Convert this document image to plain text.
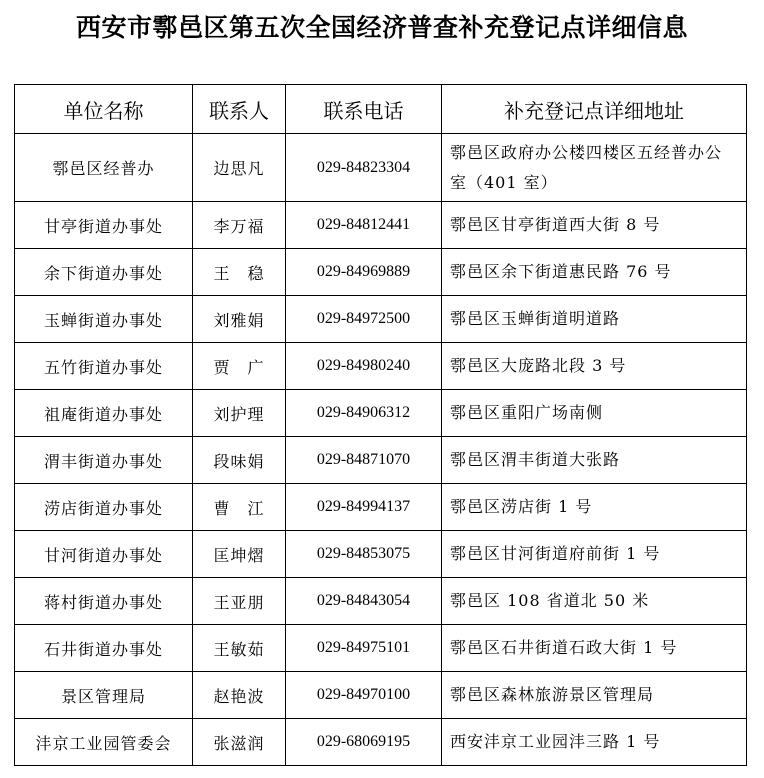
西安市鄠邑区第五次全国经济普查补充登记点详细信息
单位名称	联系人	联系电话	补充登记点详细地址
鄠邑区经普办	边思凡	029-84823304	鄠邑区政府办公楼四楼区五经普办公室（401 室）
甘亭街道办事处	李万福	029-84812441	鄠邑区甘亭街道西大街 8 号
余下街道办事处	王　稳	029-84969889	鄠邑区余下街道惠民路 76 号
玉蝉街道办事处	刘雅娟	029-84972500	鄠邑区玉蝉街道明道路
五竹街道办事处	贾　广	029-84980240	鄠邑区大庞路北段 3 号
祖庵街道办事处	刘护理	029-84906312	鄠邑区重阳广场南侧
渭丰街道办事处	段味娟	029-84871070	鄠邑区渭丰街道大张路
涝店街道办事处	曹　江	029-84994137	鄠邑区涝店街 1 号
甘河街道办事处	匡坤熠	029-84853075	鄠邑区甘河街道府前街 1 号
蒋村街道办事处	王亚朋	029-84843054	鄠邑区 108 省道北 50 米
石井街道办事处	王敏茹	029-84975101	鄠邑区石井街道石政大街 1 号
景区管理局	赵艳波	029-84970100	鄠邑区森林旅游景区管理局
沣京工业园管委会	张滋润	029-68069195	西安沣京工业园沣三路 1 号
